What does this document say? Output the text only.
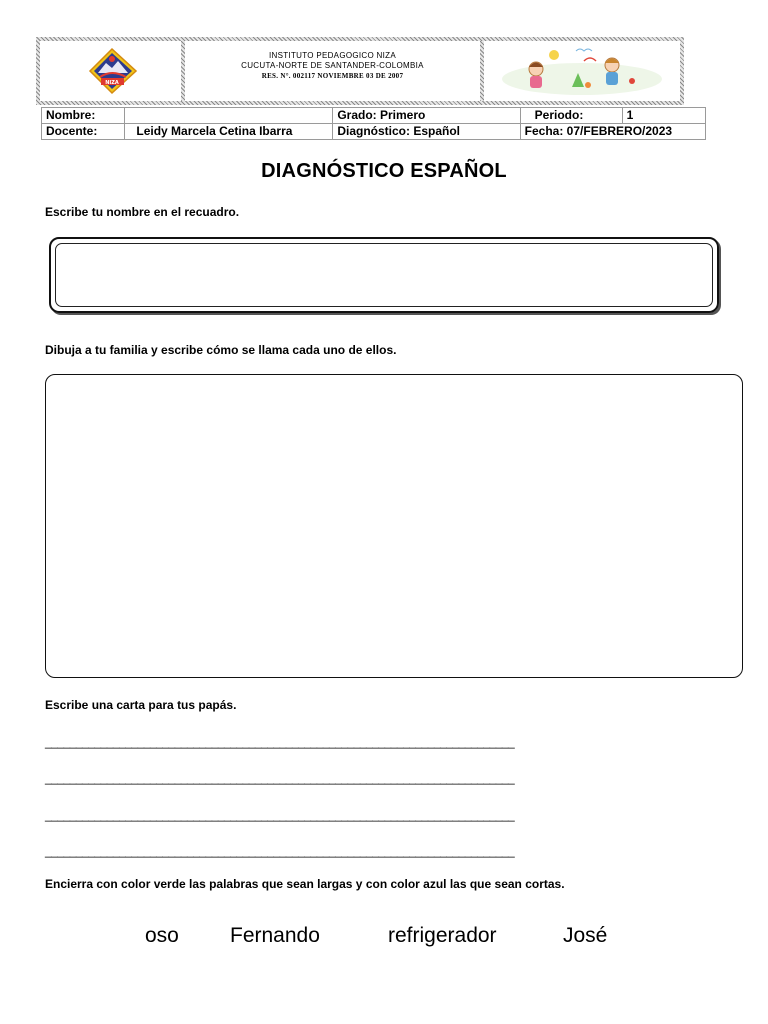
NIZA
INSTITUTO PEDAGOGICO NIZA
CUCUTA-NORTE DE SANTANDER-COLOMBIA
RES. N°. 002117 NOVIEMBRE 03 DE 2007
Nombre:		Grado: Primero	Periodo:	1
Docente:	Leidy Marcela Cetina Ibarra	Diagnóstico: Español	Fecha: 07/FEBRERO/2023	
DIAGNÓSTICO ESPAÑOL
Escribe tu nombre en el recuadro.
Dibuja a tu familia y escribe cómo se llama cada uno de ellos.
Escribe una carta para tus papás.
____________________________________________________________________________
____________________________________________________________________________
____________________________________________________________________________
____________________________________________________________________________
Encierra con color verde las palabras que sean largas y con color azul las que sean cortas.
oso Fernando	refrigerador	José
